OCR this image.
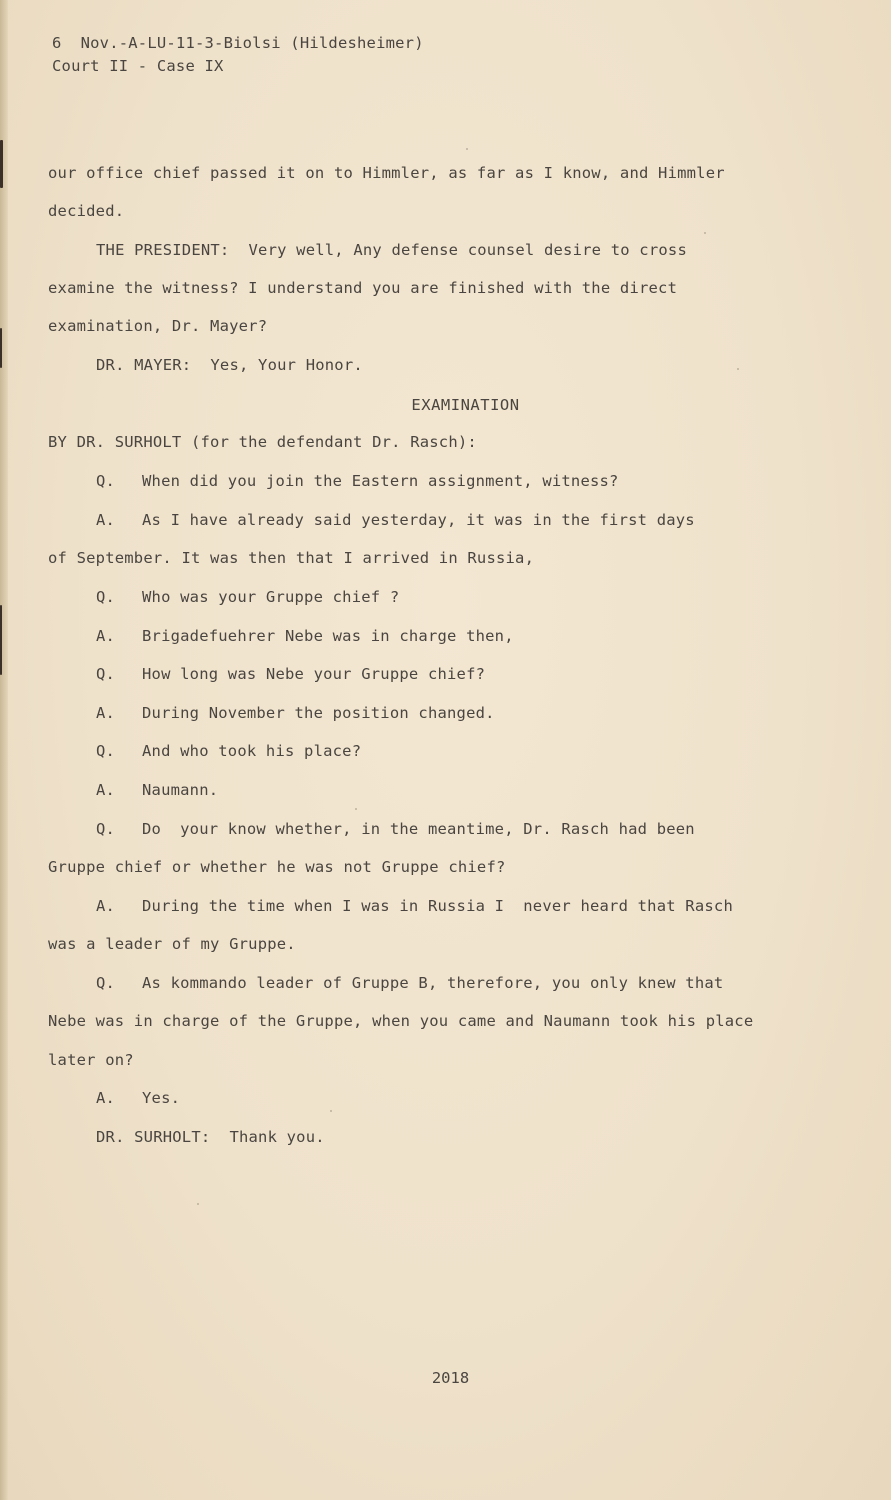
6  Nov.-A-LU-11-3-Biolsi (Hildesheimer)
Court II - Case IX
our office chief passed it on to Himmler, as far as I know, and Himmler
decided.
THE PRESIDENT:  Very well, Any defense counsel desire to cross
examine the witness? I understand you are finished with the direct
examination, Dr. Mayer?
DR. MAYER:  Yes, Your Honor.
EXAMINATION
BY DR. SURHOLT (for the defendant Dr. Rasch):
Q. When did you join the Eastern assignment, witness?
A. As I have already said yesterday, it was in the first days
of September. It was then that I arrived in Russia,
Q. Who was your Gruppe chief ?
A. Brigadefuehrer Nebe was in charge then,
Q. How long was Nebe your Gruppe chief?
A. During November the position changed.
Q. And who took his place?
A. Naumann.
Q. Do  your know whether, in the meantime, Dr. Rasch had been
Gruppe chief or whether he was not Gruppe chief?
A. During the time when I was in Russia I  never heard that Rasch
was a leader of my Gruppe.
Q. As kommando leader of Gruppe B, therefore, you only knew that
Nebe was in charge of the Gruppe, when you came and Naumann took his place
later on?
A. Yes.
DR. SURHOLT:  Thank you.
2018
